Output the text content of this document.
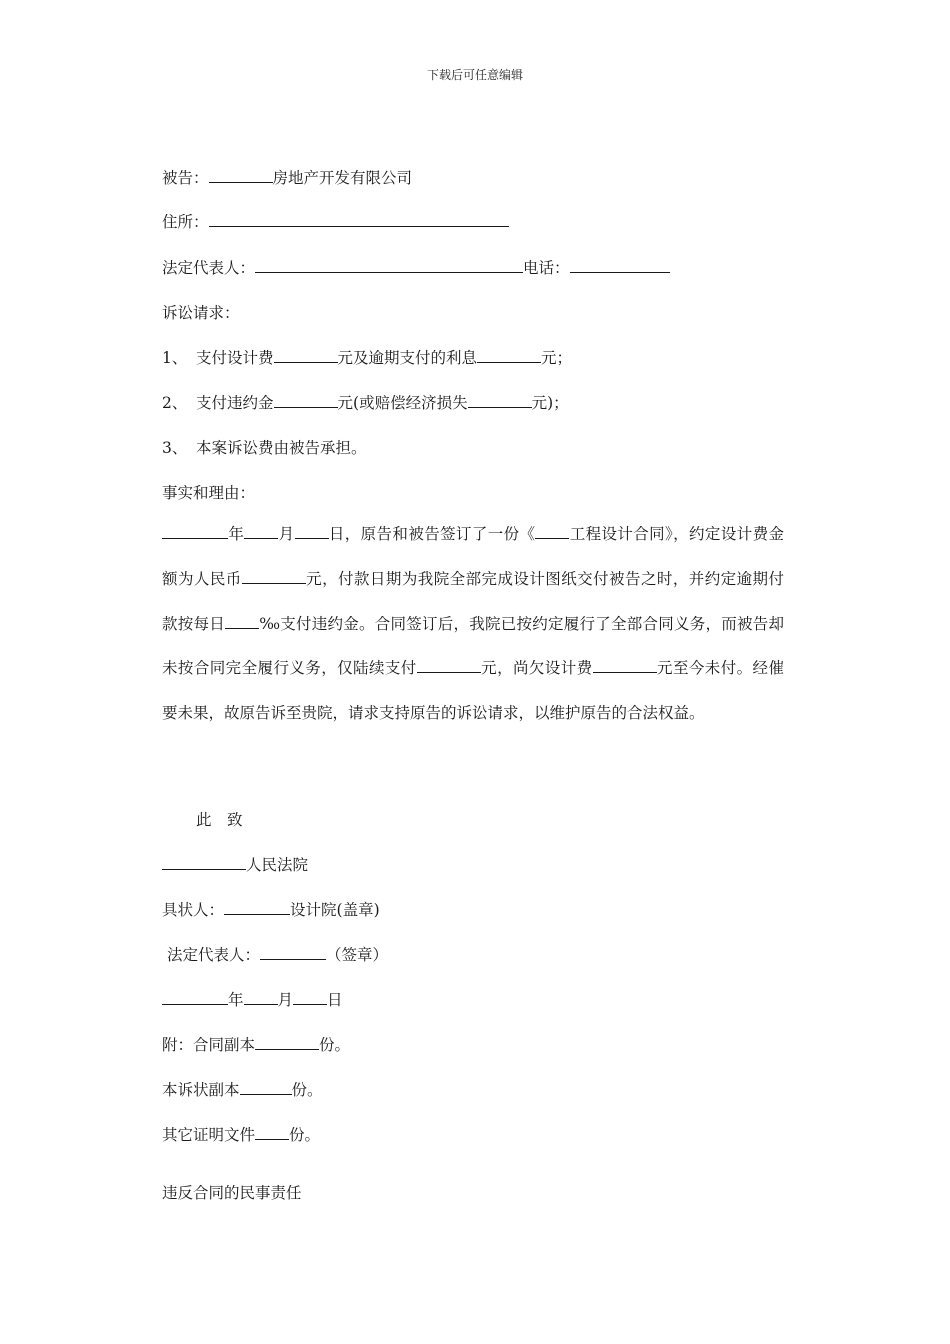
下载后可任意编辑
被告：	房地产开发有限公司
住所：
法定代表人：	电话：
诉讼请求：
1、 支付设计费	元及逾期支付的利息	元；
2、 支付违约金	元(或赔偿经济损失	元)；
3、 本案诉讼费由被告承担。
事实和理由：
年 月 日，原告和被告签订了一份《 工程设计合同》，约定设计费金额为人民币	元，付款日期为我院全部完成设计图纸交付被告之时，并约定逾期付款按每日 ‰支付违约金。合同签订后，我院已按约定履行了全部合同义务，而被告却未按合同完全履行义务，仅陆续支付	元，尚欠设计费	元至今未付。经催要未果，故原告诉至贵院，请求支持原告的诉讼请求，以维护原告的合法权益。
此　致
人民法院
具状人：	设计院(盖章)
法定代表人：	（签章）
年 月 日
附：合同副本	份。
本诉状副本	份。
其它证明文件 份。
违反合同的民事责任
